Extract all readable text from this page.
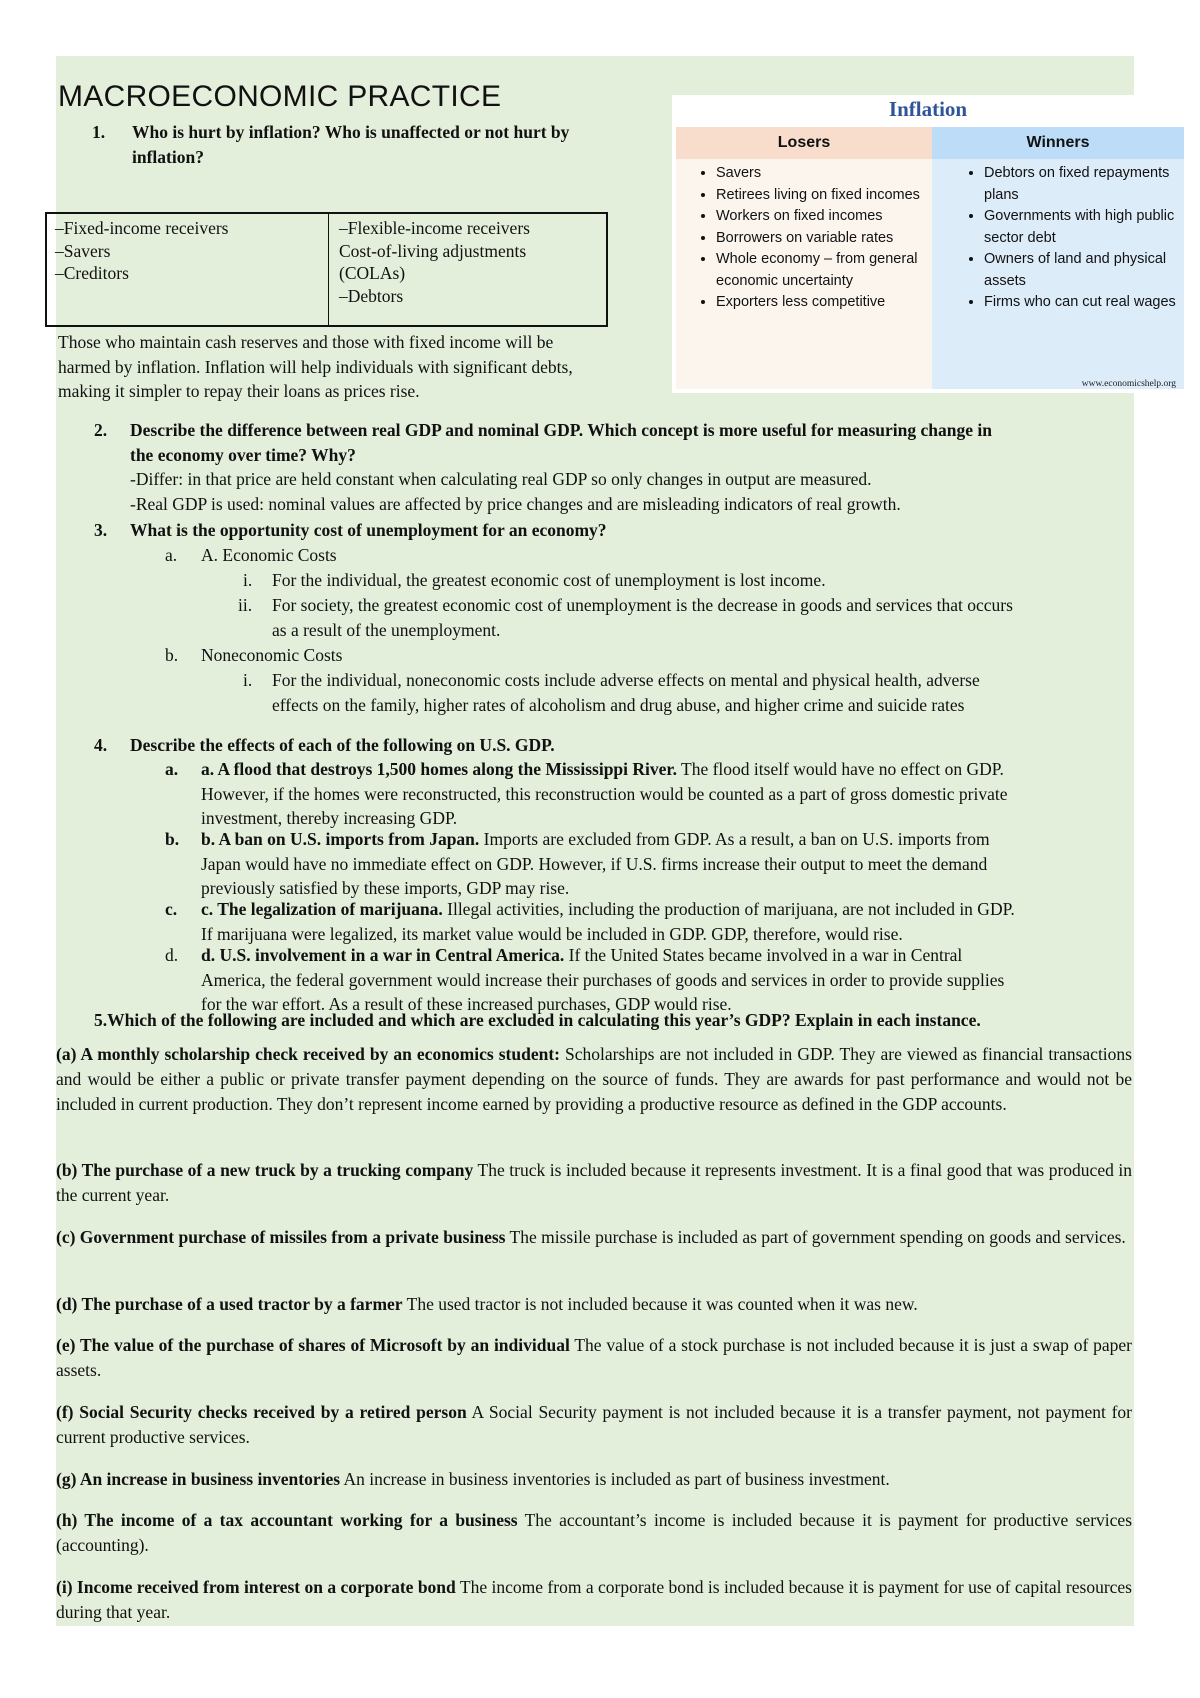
MACROECONOMIC PRACTICE
1. Who is hurt by inflation? Who is unaffected or not hurt by
inflation?
–Fixed-income receivers
–Savers
–Creditors
–Flexible-income receivers
Cost-of-living adjustments
(COLAs)
–Debtors
Those who maintain cash reserves and those with fixed income will be
harmed by inflation. Inflation will help individuals with significant debts,
making it simpler to repay their loans as prices rise.
Inflation
Losers	Winners
• Savers
• Retirees living on fixed incomes
• Workers on fixed incomes
• Borrowers on variable rates
• Whole economy – from general economic uncertainty
• Exporters less competitive
• Debtors on fixed repayments plans
• Governments with high public sector debt
• Owners of land and physical assets
• Firms who can cut real wages
www.economicshelp.org
2. Describe the difference between real GDP and nominal GDP. Which concept is more useful for measuring change in
the economy over time? Why?
-Differ: in that price are held constant when calculating real GDP so only changes in output are measured.
-Real GDP is used: nominal values are affected by price changes and are misleading indicators of real growth.
3. What is the opportunity cost of unemployment for an economy?
a. A. Economic Costs
i. For the individual, the greatest economic cost of unemployment is lost income.
ii. For society, the greatest economic cost of unemployment is the decrease in goods and services that occurs
as a result of the unemployment.
b. Noneconomic Costs
i. For the individual, noneconomic costs include adverse effects on mental and physical health, adverse
effects on the family, higher rates of alcoholism and drug abuse, and higher crime and suicide rates
4. Describe the effects of each of the following on U.S. GDP.
a. a. A flood that destroys 1,500 homes along the Mississippi River. The flood itself would have no effect on GDP.
However, if the homes were reconstructed, this reconstruction would be counted as a part of gross domestic private
investment, thereby increasing GDP.
b. b. A ban on U.S. imports from Japan. Imports are excluded from GDP. As a result, a ban on U.S. imports from
Japan would have no immediate effect on GDP. However, if U.S. firms increase their output to meet the demand
previously satisfied by these imports, GDP may rise.
c. c. The legalization of marijuana. Illegal activities, including the production of marijuana, are not included in GDP.
If marijuana were legalized, its market value would be included in GDP. GDP, therefore, would rise.
d. d. U.S. involvement in a war in Central America. If the United States became involved in a war in Central
America, the federal government would increase their purchases of goods and services in order to provide supplies
for the war effort. As a result of these increased purchases, GDP would rise.
5.Which of the following are included and which are excluded in calculating this year’s GDP? Explain in each instance.
(a) A monthly scholarship check received by an economics student: Scholarships are not included in GDP. They are viewed as financial transactions and would be either a public or private transfer payment depending on the source of funds. They are awards for past performance and would not be included in current production. They don’t represent income earned by providing a productive resource as defined in the GDP accounts.
(b) The purchase of a new truck by a trucking company The truck is included because it represents investment. It is a final good that was produced in the current year.
(c) Government purchase of missiles from a private business The missile purchase is included as part of government spending on goods and services.
(d) The purchase of a used tractor by a farmer The used tractor is not included because it was counted when it was new.
(e) The value of the purchase of shares of Microsoft by an individual The value of a stock purchase is not included because it is just a swap of paper assets.
(f) Social Security checks received by a retired person A Social Security payment is not included because it is a transfer payment, not payment for current productive services.
(g) An increase in business inventories An increase in business inventories is included as part of business investment.
(h) The income of a tax accountant working for a business The accountant’s income is included because it is payment for productive services (accounting).
(i) Income received from interest on a corporate bond The income from a corporate bond is included because it is payment for use of capital resources during that year.
